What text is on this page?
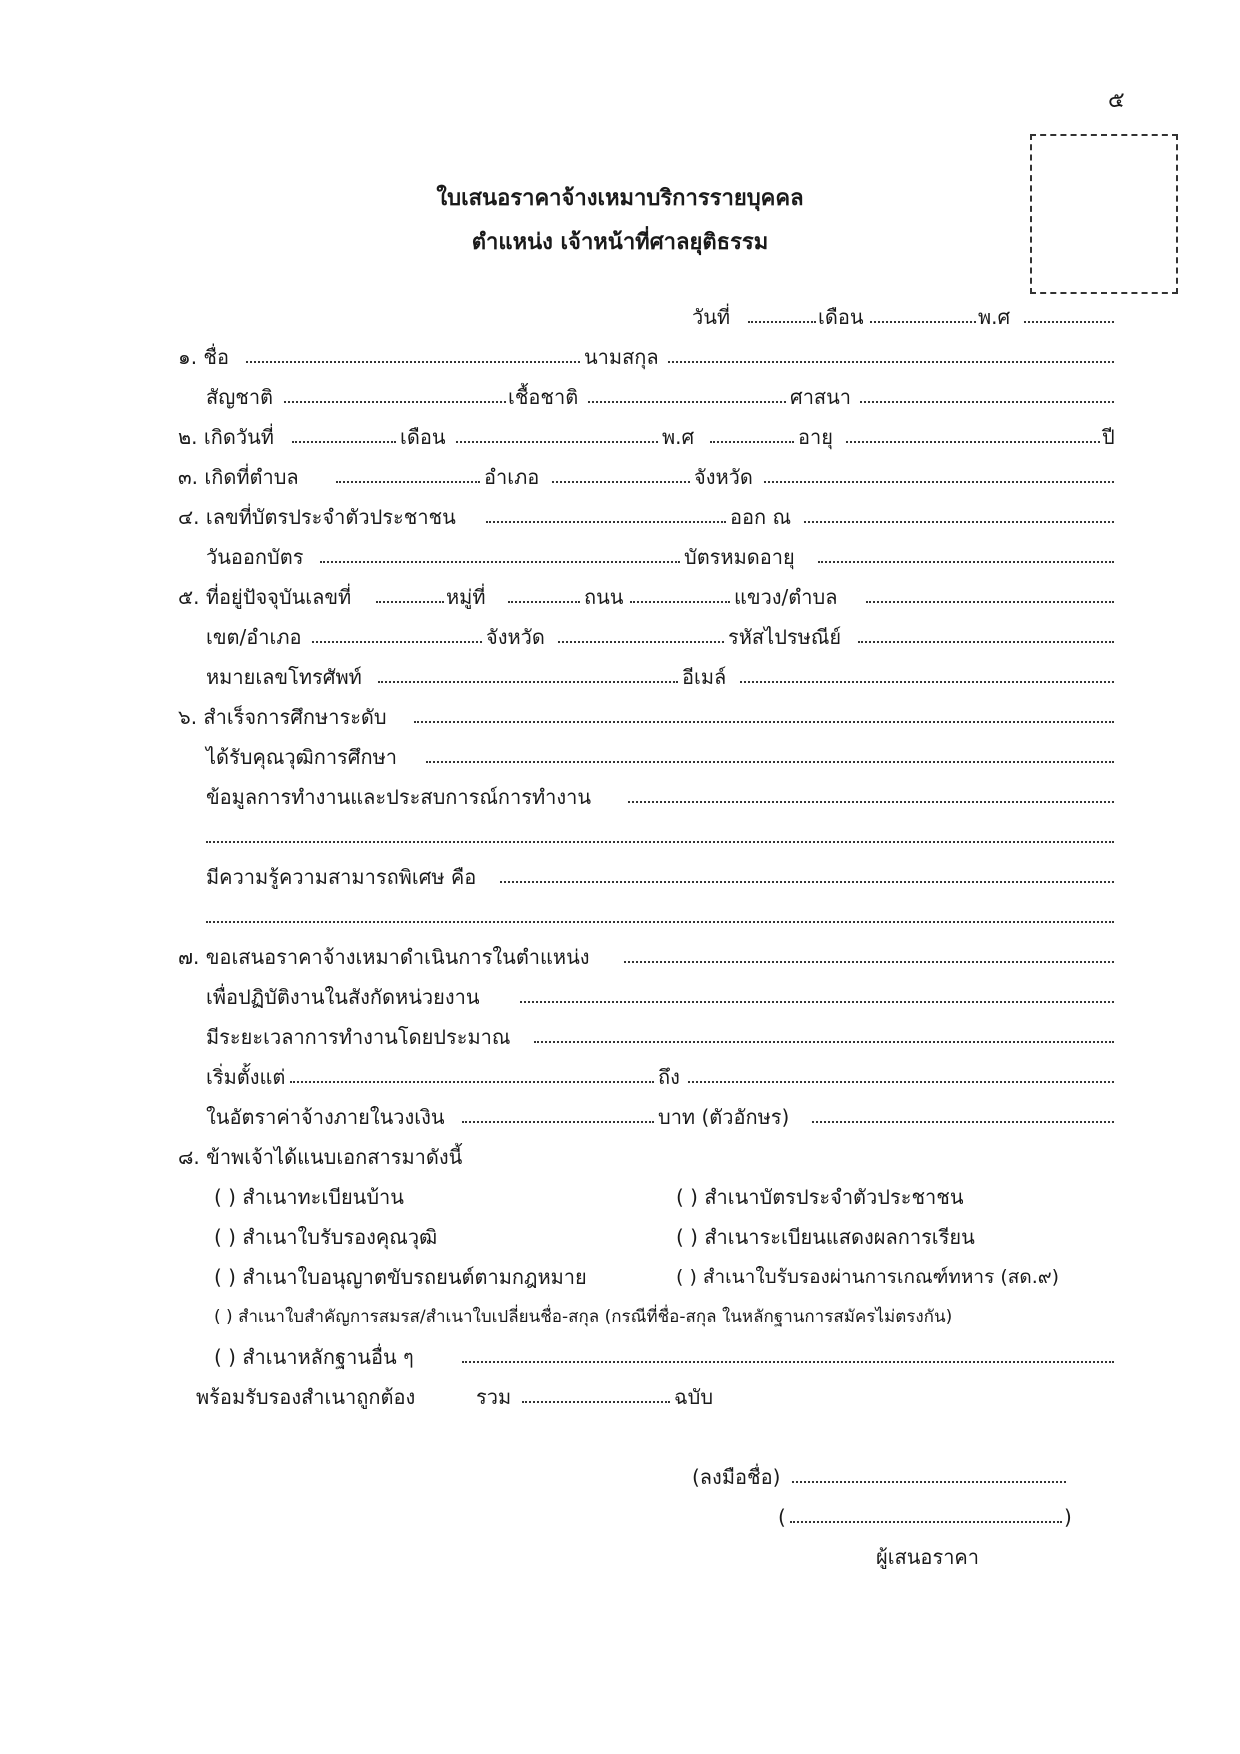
๕
ใบเสนอราคาจ้างเหมาบริการรายบุคคล
ตำแหน่ง เจ้าหน้าที่ศาลยุติธรรม
วันที่	เดือน	พ.ศ
๑. ชื่อ	นามสกุล
สัญชาติ	เชื้อชาติ	ศาสนา
๒. เกิดวันที่	เดือน	พ.ศ	อายุ	ปี
๓. เกิดที่ตำบล	อำเภอ	จังหวัด
๔. เลขที่บัตรประจำตัวประชาชน	ออก ณ
วันออกบัตร	บัตรหมดอายุ
๕. ที่อยู่ปัจจุบันเลขที่	หมู่ที่	ถนน	แขวง/ตำบล
เขต/อำเภอ	จังหวัด	รหัสไปรษณีย์
หมายเลขโทรศัพท์	อีเมล์
๖. สำเร็จการศึกษาระดับ
ได้รับคุณวุฒิการศึกษา
ข้อมูลการทำงานและประสบการณ์การทำงาน
มีความรู้ความสามารถพิเศษ คือ
๗. ขอเสนอราคาจ้างเหมาดำเนินการในตำแหน่ง
เพื่อปฏิบัติงานในสังกัดหน่วยงาน
มีระยะเวลาการทำงานโดยประมาณ
เริ่มตั้งแต่	ถึง
ในอัตราค่าจ้างภายในวงเงิน	บาท (ตัวอักษร)
๘. ข้าพเจ้าได้แนบเอกสารมาดังนี้
( ) สำเนาทะเบียนบ้าน	( ) สำเนาบัตรประจำตัวประชาชน
( ) สำเนาใบรับรองคุณวุฒิ	( ) สำเนาระเบียนแสดงผลการเรียน
( ) สำเนาใบอนุญาตขับรถยนต์ตามกฎหมาย	( ) สำเนาใบรับรองผ่านการเกณฑ์ทหาร (สด.๙)
( ) สำเนาใบสำคัญการสมรส/สำเนาใบเปลี่ยนชื่อ-สกุล (กรณีที่ชื่อ-สกุล ในหลักฐานการสมัครไม่ตรงกัน)
( ) สำเนาหลักฐานอื่น ๆ
พร้อมรับรองสำเนาถูกต้อง	รวม	ฉบับ
(ลงมือชื่อ)
(	)
ผู้เสนอราคา
